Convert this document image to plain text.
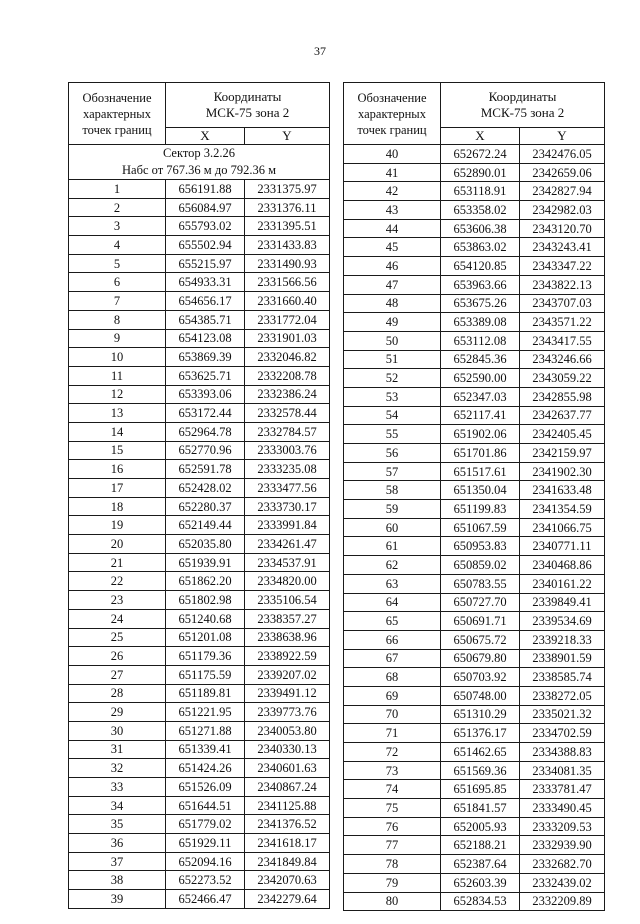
37
Обозначение
характерных
точек границ	Координаты
МСК-75 зона 2	
	X	Y
Сектор 3.2.26
Набс от 767.36 м до 792.36 м		
1	656191.88	2331375.97
2	656084.97	2331376.11
3	655793.02	2331395.51
4	655502.94	2331433.83
5	655215.97	2331490.93
6	654933.31	2331566.56
7	654656.17	2331660.40
8	654385.71	2331772.04
9	654123.08	2331901.03
10	653869.39	2332046.82
11	653625.71	2332208.78
12	653393.06	2332386.24
13	653172.44	2332578.44
14	652964.78	2332784.57
15	652770.96	2333003.76
16	652591.78	2333235.08
17	652428.02	2333477.56
18	652280.37	2333730.17
19	652149.44	2333991.84
20	652035.80	2334261.47
21	651939.91	2334537.91
22	651862.20	2334820.00
23	651802.98	2335106.54
24	651240.68	2338357.27
25	651201.08	2338638.96
26	651179.36	2338922.59
27	651175.59	2339207.02
28	651189.81	2339491.12
29	651221.95	2339773.76
30	651271.88	2340053.80
31	651339.41	2340330.13
32	651424.26	2340601.63
33	651526.09	2340867.24
34	651644.51	2341125.88
35	651779.02	2341376.52
36	651929.11	2341618.17
37	652094.16	2341849.84
38	652273.52	2342070.63
39	652466.47	2342279.64
Обозначение
характерных
точек границ	Координаты
МСК-75 зона 2	
	X	Y
40	652672.24	2342476.05
41	652890.01	2342659.06
42	653118.91	2342827.94
43	653358.02	2342982.03
44	653606.38	2343120.70
45	653863.02	2343243.41
46	654120.85	2343347.22
47	653963.66	2343822.13
48	653675.26	2343707.03
49	653389.08	2343571.22
50	653112.08	2343417.55
51	652845.36	2343246.66
52	652590.00	2343059.22
53	652347.03	2342855.98
54	652117.41	2342637.77
55	651902.06	2342405.45
56	651701.86	2342159.97
57	651517.61	2341902.30
58	651350.04	2341633.48
59	651199.83	2341354.59
60	651067.59	2341066.75
61	650953.83	2340771.11
62	650859.02	2340468.86
63	650783.55	2340161.22
64	650727.70	2339849.41
65	650691.71	2339534.69
66	650675.72	2339218.33
67	650679.80	2338901.59
68	650703.92	2338585.74
69	650748.00	2338272.05
70	651310.29	2335021.32
71	651376.17	2334702.59
72	651462.65	2334388.83
73	651569.36	2334081.35
74	651695.85	2333781.47
75	651841.57	2333490.45
76	652005.93	2333209.53
77	652188.21	2332939.90
78	652387.64	2332682.70
79	652603.39	2332439.02
80	652834.53	2332209.89
